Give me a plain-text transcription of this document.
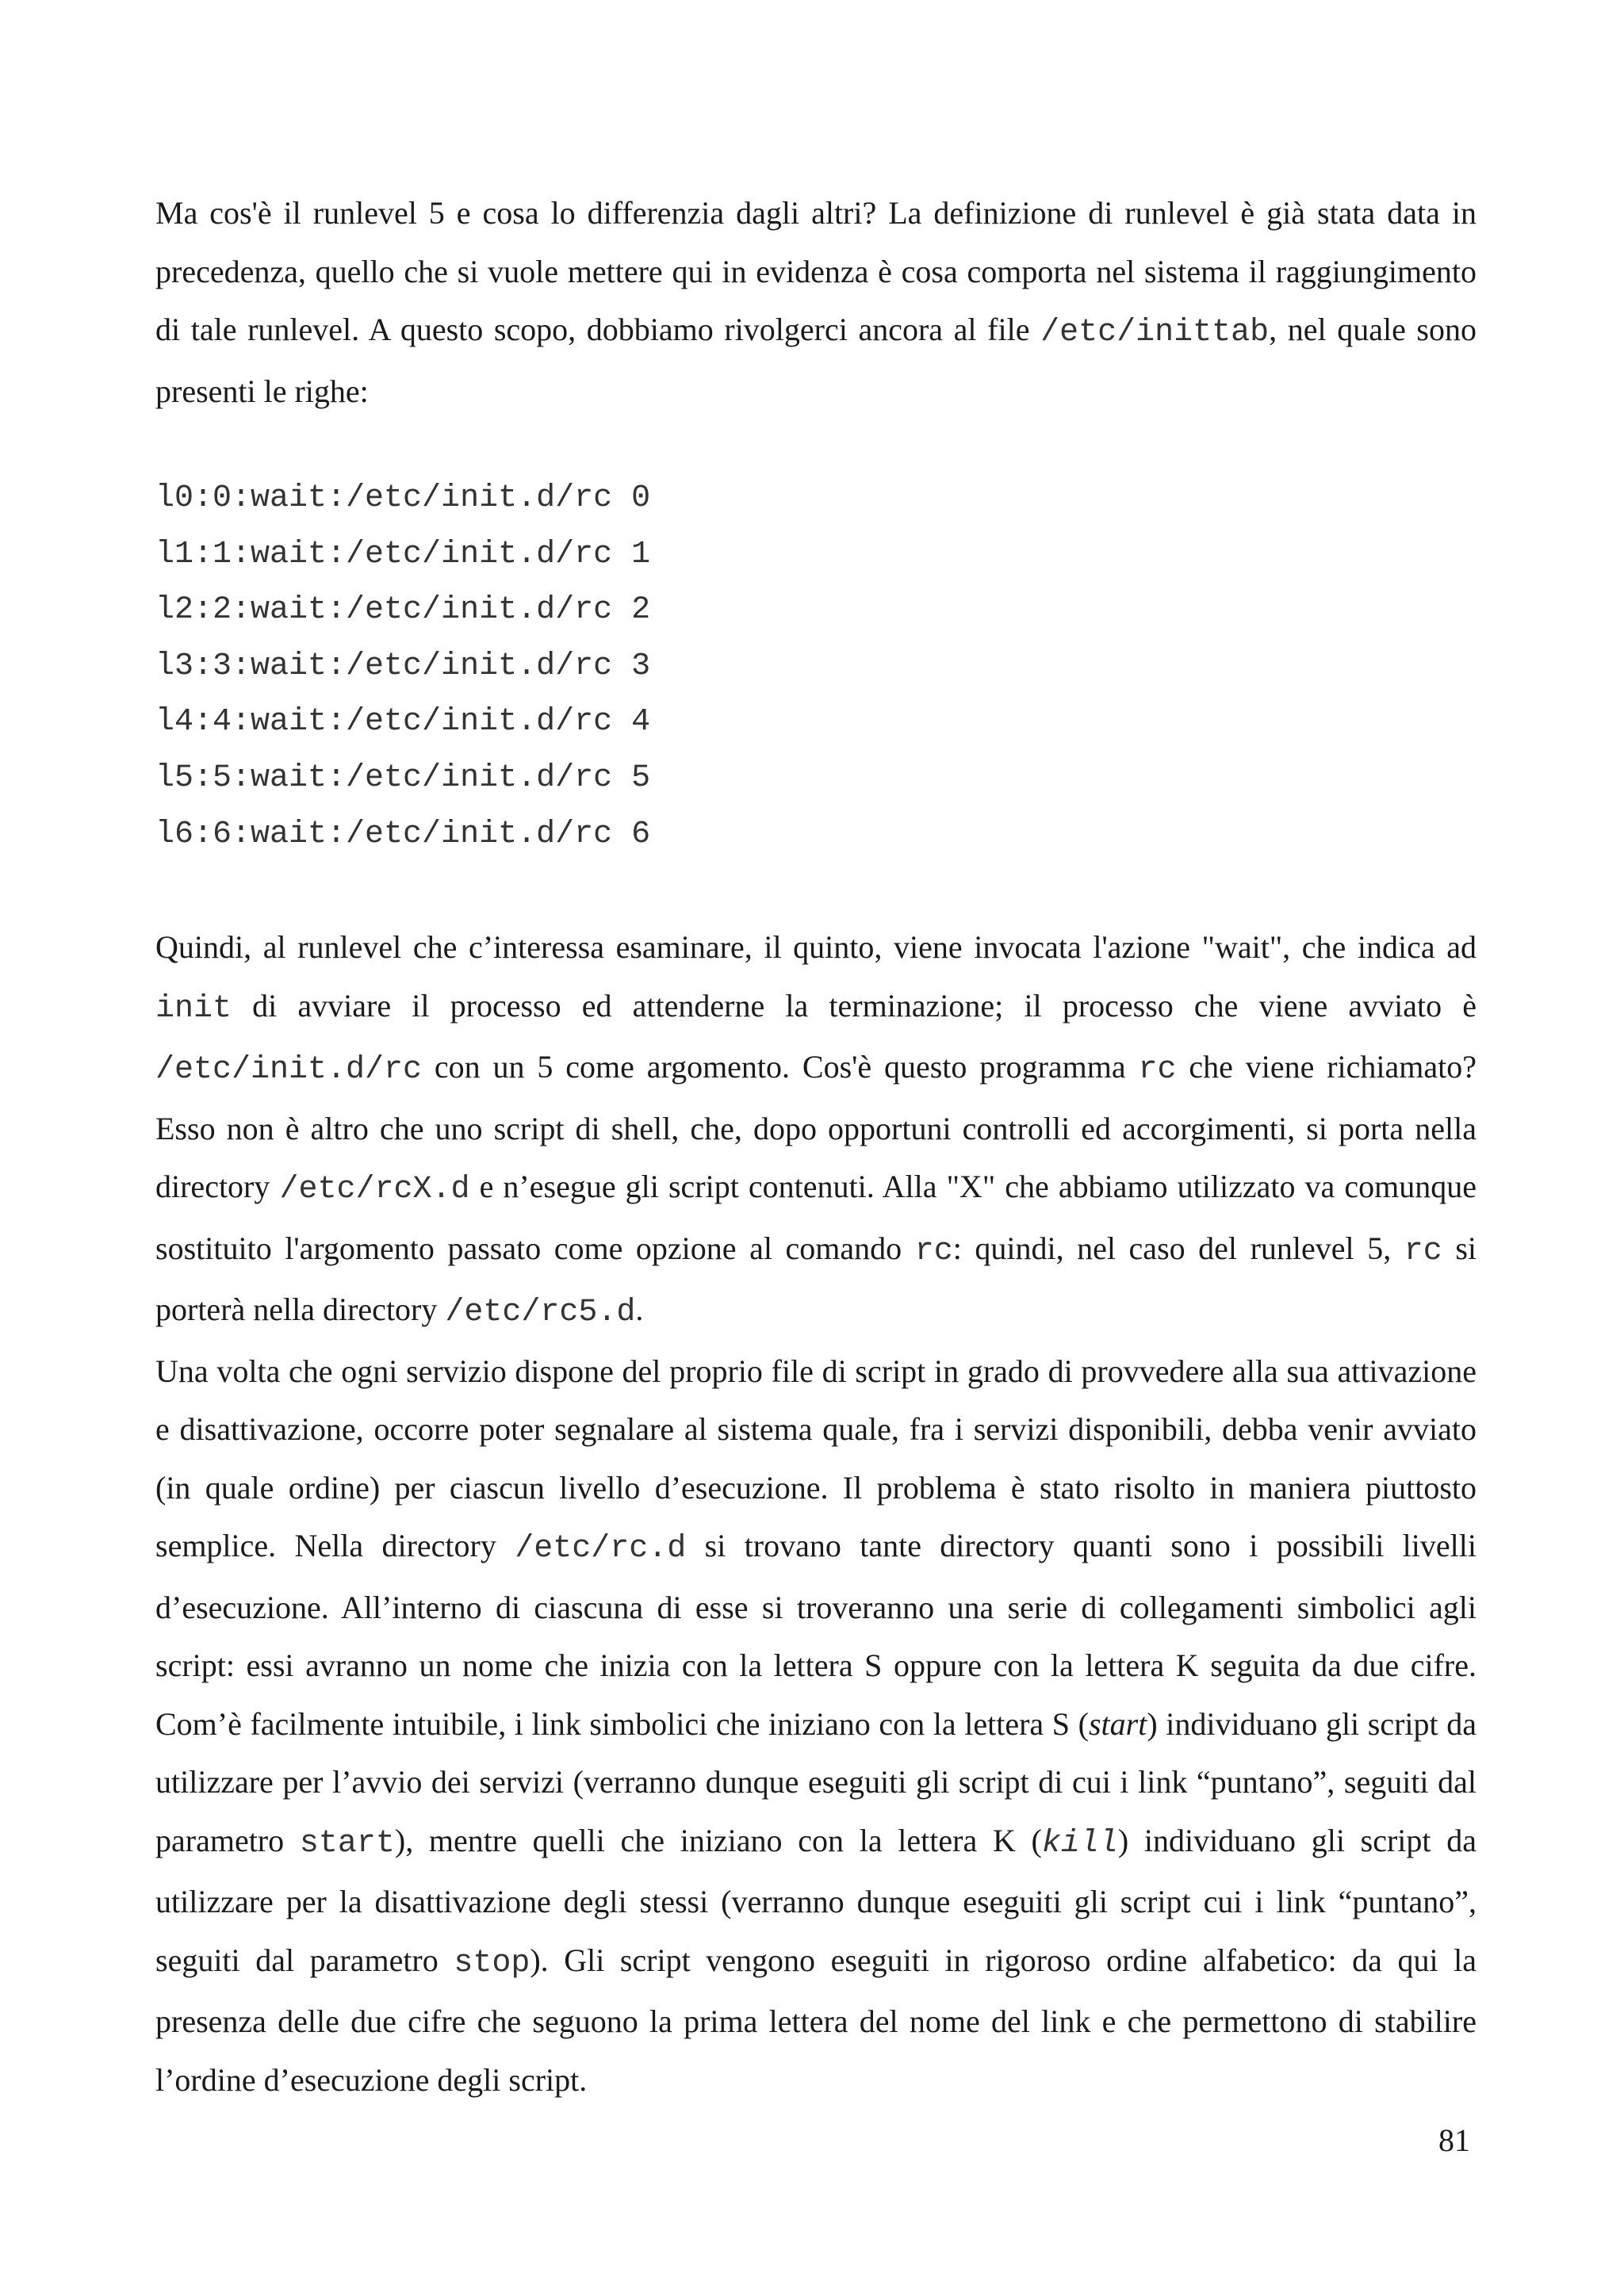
Ma cos'è il runlevel 5 e cosa lo differenzia dagli altri? La definizione di runlevel è già stata data in precedenza, quello che si vuole mettere qui in evidenza è cosa comporta nel sistema il raggiungimento di tale runlevel. A questo scopo, dobbiamo rivolgerci ancora al file /etc/inittab, nel quale sono presenti le righe:

l0:0:wait:/etc/init.d/rc 0
l1:1:wait:/etc/init.d/rc 1
l2:2:wait:/etc/init.d/rc 2
l3:3:wait:/etc/init.d/rc 3
l4:4:wait:/etc/init.d/rc 4
l5:5:wait:/etc/init.d/rc 5
l6:6:wait:/etc/init.d/rc 6

Quindi, al runlevel che c’interessa esaminare, il quinto, viene invocata l'azione "wait", che indica ad init di avviare il processo ed attenderne la terminazione; il processo che viene avviato è /etc/init.d/rc con un 5 come argomento. Cos'è questo programma rc che viene richiamato? Esso non è altro che uno script di shell, che, dopo opportuni controlli ed accorgimenti, si porta nella directory /etc/rcX.d e n’esegue gli script contenuti. Alla "X" che abbiamo utilizzato va comunque sostituito l'argomento passato come opzione al comando rc: quindi, nel caso del runlevel 5, rc si porterà nella directory /etc/rc5.d.

Una volta che ogni servizio dispone del proprio file di script in grado di provvedere alla sua attivazione e disattivazione, occorre poter segnalare al sistema quale, fra i servizi disponibili, debba venir avviato (in quale ordine) per ciascun livello d’esecuzione. Il problema è stato risolto in maniera piuttosto semplice. Nella directory /etc/rc.d si trovano tante directory quanti sono i possibili livelli d’esecuzione. All’interno di ciascuna di esse si troveranno una serie di collegamenti simbolici agli script: essi avranno un nome che inizia con la lettera S oppure con la lettera K seguita da due cifre. Com’è facilmente intuibile, i link simbolici che iniziano con la lettera S (start) individuano gli script da utilizzare per l’avvio dei servizi (verranno dunque eseguiti gli script di cui i link “puntano”, seguiti dal parametro start), mentre quelli che iniziano con la lettera K (kill) individuano gli script da utilizzare per la disattivazione degli stessi (verranno dunque eseguiti gli script cui i link “puntano”, seguiti dal parametro stop). Gli script vengono eseguiti in rigoroso ordine alfabetico: da qui la presenza delle due cifre che seguono la prima lettera del nome del link e che permettono di stabilire l’ordine d’esecuzione degli script.

81
